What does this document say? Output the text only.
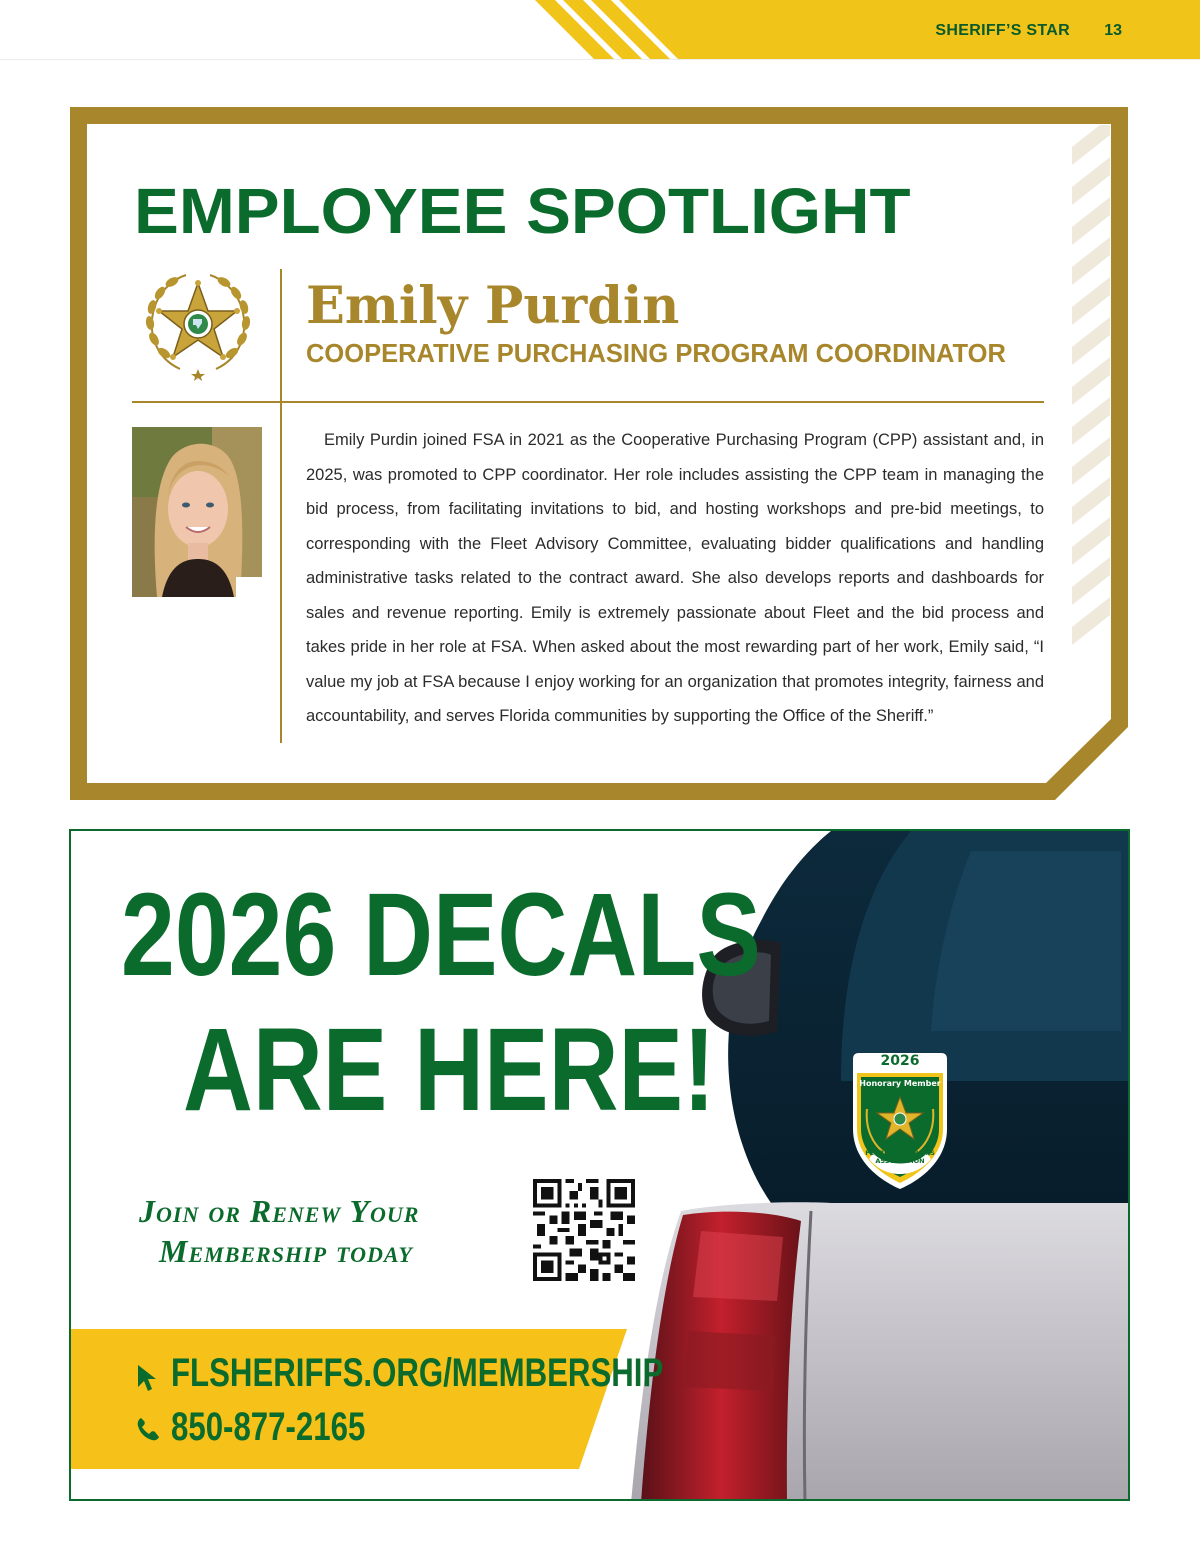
SHERIFF’S STAR 13
EMPLOYEE SPOTLIGHT
Emily Purdin
COOPERATIVE PURCHASING PROGRAM COORDINATOR

Emily Purdin joined FSA in 2021 as the Cooperative Purchasing Program (CPP) assistant and, in 2025, was promoted to CPP coordinator. Her role includes assisting the CPP team in managing the bid process, from facilitating invitations to bid, and hosting workshops and pre-bid meetings, to corresponding with the Fleet Advisory Committee, evaluating bidder qualifications and handling administrative tasks related to the contract award. She also develops reports and dashboards for sales and revenue reporting. Emily is extremely passionate about Fleet and the bid process and takes pride in her role at FSA. When asked about the most rewarding part of her work, Emily said, “I value my job at FSA because I enjoy working for an organization that promotes integrity, fairness and accountability, and serves Florida communities by supporting the Office of the Sheriff.”

2026 DECALS
ARE HERE!
Join or Renew Your
Membership today
FLSHERIFFS.ORG/MEMBERSHIP
850-877-2165
2026
Honorary Member
FLORIDA SHERIFFS ASSOCIATION
